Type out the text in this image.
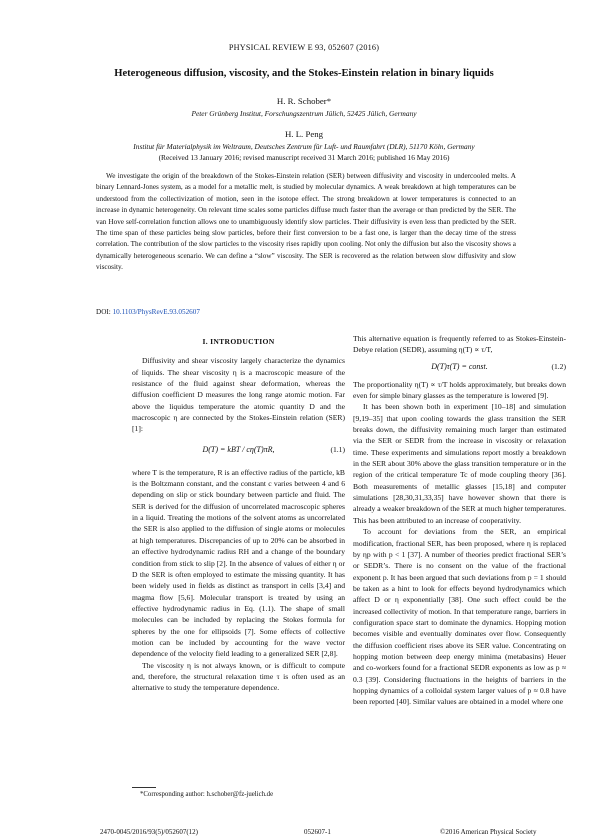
PHYSICAL REVIEW E 93, 052607 (2016)
Heterogeneous diffusion, viscosity, and the Stokes-Einstein relation in binary liquids
H. R. Schober*
Peter Grünberg Institut, Forschungszentrum Jülich, 52425 Jülich, Germany
H. L. Peng
Institut für Materialphysik im Weltraum, Deutsches Zentrum für Luft- und Raumfahrt (DLR), 51170 Köln, Germany
(Received 13 January 2016; revised manuscript received 31 March 2016; published 16 May 2016)
We investigate the origin of the breakdown of the Stokes-Einstein relation (SER) between diffusivity and viscosity in undercooled melts. A binary Lennard-Jones system, as a model for a metallic melt, is studied by molecular dynamics. A weak breakdown at high temperatures can be understood from the collectivization of motion, seen in the isotope effect. The strong breakdown at lower temperatures is connected to an increase in dynamic heterogeneity. On relevant time scales some particles diffuse much faster than the average or than predicted by the SER. The van Hove self-correlation function allows one to unambiguously identify slow particles. Their diffusivity is even less than predicted by the SER. The time span of these particles being slow particles, before their first conversion to be a fast one, is larger than the decay time of the stress correlation. The contribution of the slow particles to the viscosity rises rapidly upon cooling. Not only the diffusion but also the viscosity shows a dynamically heterogeneous scenario. We can define a “slow” viscosity. The SER is recovered as the relation between slow diffusivity and slow viscosity.
DOI: 10.1103/PhysRevE.93.052607
I. INTRODUCTION

Diffusivity and shear viscosity largely characterize the dynamics of liquids. The shear viscosity η is a macroscopic measure of the resistance of the fluid against shear deformation, whereas the diffusion coefficient D measures the long range atomic motion. Far above the liquidus temperature the atomic quantity D and the macroscopic η are connected by the Stokes-Einstein relation (SER) [1]:

D(T) = kBT / cη(T)πR,	(1.1)

where T is the temperature, R is an effective radius of the particle, kB is the Boltzmann constant, and the constant c varies between 4 and 6 depending on slip or stick boundary between particle and fluid. The SER is derived for the diffusion of uncorrelated macroscopic spheres in a liquid. Treating the motions of the solvent atoms as uncorrelated the SER is also applied to the diffusion of single atoms or molecules at high temperatures. Discrepancies of up to 20% can be absorbed in an effective hydrodynamic radius RH and a change of the boundary condition from stick to slip [2]. In the absence of values of either η or D the SER is often employed to estimate the missing quantity. It has been widely used in fields as distinct as transport in cells [3,4] and magma flow [5,6]. Molecular transport is treated by using an effective hydrodynamic radius in Eq. (1.1). The shape of small molecules can be included by replacing the Stokes formula for spheres by the one for ellipsoids [7]. Some effects of collective motion can be included by accounting for the wave vector dependence of the velocity field leading to a generalized SER [2,8].

The viscosity η is not always known, or is difficult to compute and, therefore, the structural relaxation time τ is often used as an alternative to study the temperature dependence.

This alternative equation is frequently referred to as Stokes-Einstein-Debye relation (SEDR), assuming η(T) ∝ τ/T,

D(T)τ(T) = const.	(1.2)

The proportionality η(T) ∝ τ/T holds approximately, but breaks down even for simple binary glasses as the temperature is lowered [9].

It has been shown both in experiment [10–18] and simulation [9,19–35] that upon cooling towards the glass transition the SER breaks down, the diffusivity remaining much larger than estimated via the SER or SEDR from the increase in viscosity or relaxation time. These experiments and simulations report mostly a breakdown in the SER about 30% above the glass transition temperature or in the region of the critical temperature Tc of mode coupling theory [36]. Both measurements of metallic glasses [15,18] and computer simulations [28,30,31,33,35] have however shown that there is already a weaker breakdown of the SER at much higher temperatures. This has been attributed to an increase of cooperativity.

To account for deviations from the SER, an empirical modification, fractional SER, has been proposed, where η is replaced by ηp with p < 1 [37]. A number of theories predict fractional SER’s or SEDR’s. There is no consent on the value of the fractional exponent p. It has been argued that such deviations from p = 1 should be taken as a hint to look for effects beyond hydrodynamics which affect D or η exponentially [38]. One such effect could be the increased collectivity of motion. In that temperature range, barriers in configuration space start to dominate the dynamics. Hopping motion becomes visible and eventually dominates over flow. Consequently the diffusion coefficient rises above its SER value. Concentrating on hopping motion between deep energy minima (metabasins) Heuer and co-workers found for a fractional SEDR exponents as low as p ≈ 0.3 [39]. Considering fluctuations in the heights of barriers in the hopping dynamics of a colloidal system larger values of p ≈ 0.8 have been reported [40]. Similar values are obtained in a model where one

*Corresponding author: h.schober@fz-juelich.de
2470-0045/2016/93(5)/052607(12)	052607-1	©2016 American Physical Society
